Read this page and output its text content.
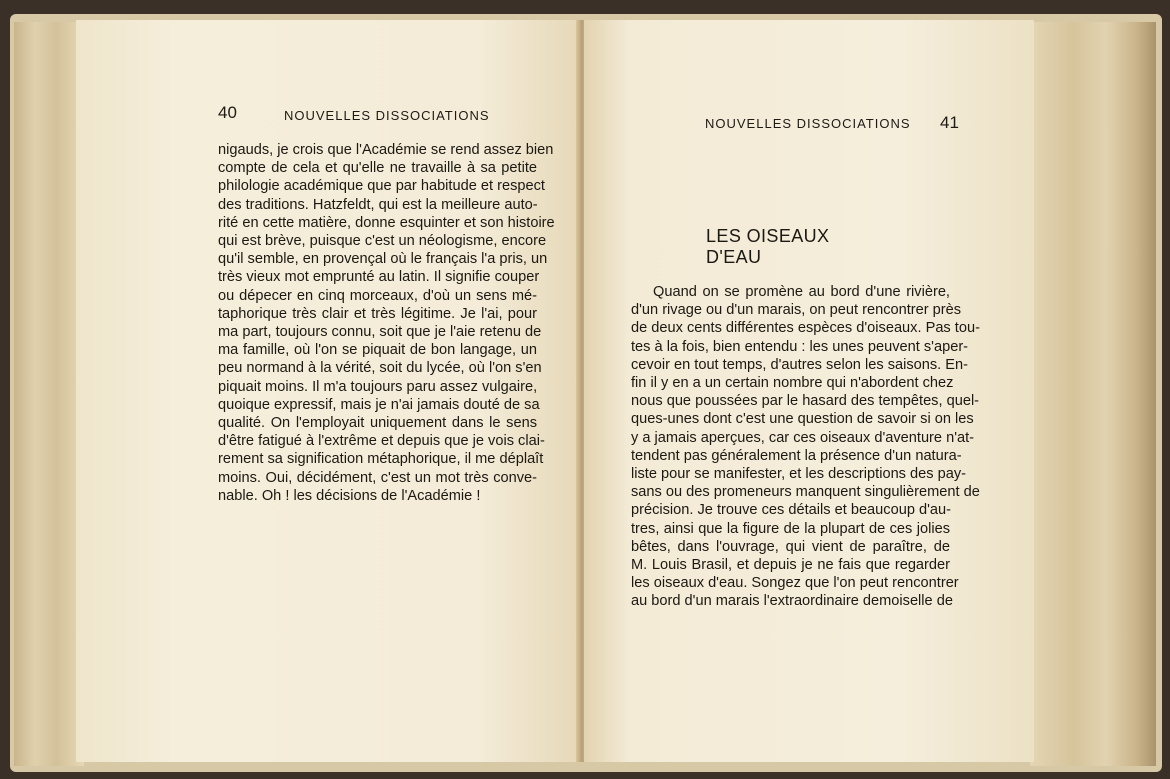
40	NOUVELLES DISSOCIATIONS
nigauds, je crois que l'Académie se rend assez bien
compte de cela et qu'elle ne travaille à sa petite
philologie académique que par habitude et respect
des traditions. Hatzfeldt, qui est la meilleure auto-
rité en cette matière, donne esquinter et son histoire
qui est brève, puisque c'est un néologisme, encore
qu'il semble, en provençal où le français l'a pris, un
très vieux mot emprunté au latin. Il signifie couper
ou dépecer en cinq morceaux, d'où un sens mé-
taphorique très clair et très légitime. Je l'ai, pour
ma part, toujours connu, soit que je l'aie retenu de
ma famille, où l'on se piquait de bon langage, un
peu normand à la vérité, soit du lycée, où l'on s'en
piquait moins. Il m'a toujours paru assez vulgaire,
quoique expressif, mais je n'ai jamais douté de sa
qualité. On l'employait uniquement dans le sens
d'être fatigué à l'extrême et depuis que je vois clai-
rement sa signification métaphorique, il me déplaît
moins. Oui, décidément, c'est un mot très conve-
nable. Oh ! les décisions de l'Académie !
NOUVELLES DISSOCIATIONS 41
LES OISEAUX D'EAU
Quand on se promène au bord d'une rivière,
d'un rivage ou d'un marais, on peut rencontrer près
de deux cents différentes espèces d'oiseaux. Pas tou-
tes à la fois, bien entendu : les unes peuvent s'aper-
cevoir en tout temps, d'autres selon les saisons. En-
fin il y en a un certain nombre qui n'abordent chez
nous que poussées par le hasard des tempêtes, quel-
ques-unes dont c'est une question de savoir si on les
y a jamais aperçues, car ces oiseaux d'aventure n'at-
tendent pas généralement la présence d'un natura-
liste pour se manifester, et les descriptions des pay-
sans ou des promeneurs manquent singulièrement de
précision. Je trouve ces détails et beaucoup d'au-
tres, ainsi que la figure de la plupart de ces jolies
bêtes, dans l'ouvrage, qui vient de paraître, de
M. Louis Brasil, et depuis je ne fais que regarder
les oiseaux d'eau. Songez que l'on peut rencontrer
au bord d'un marais l'extraordinaire demoiselle de
